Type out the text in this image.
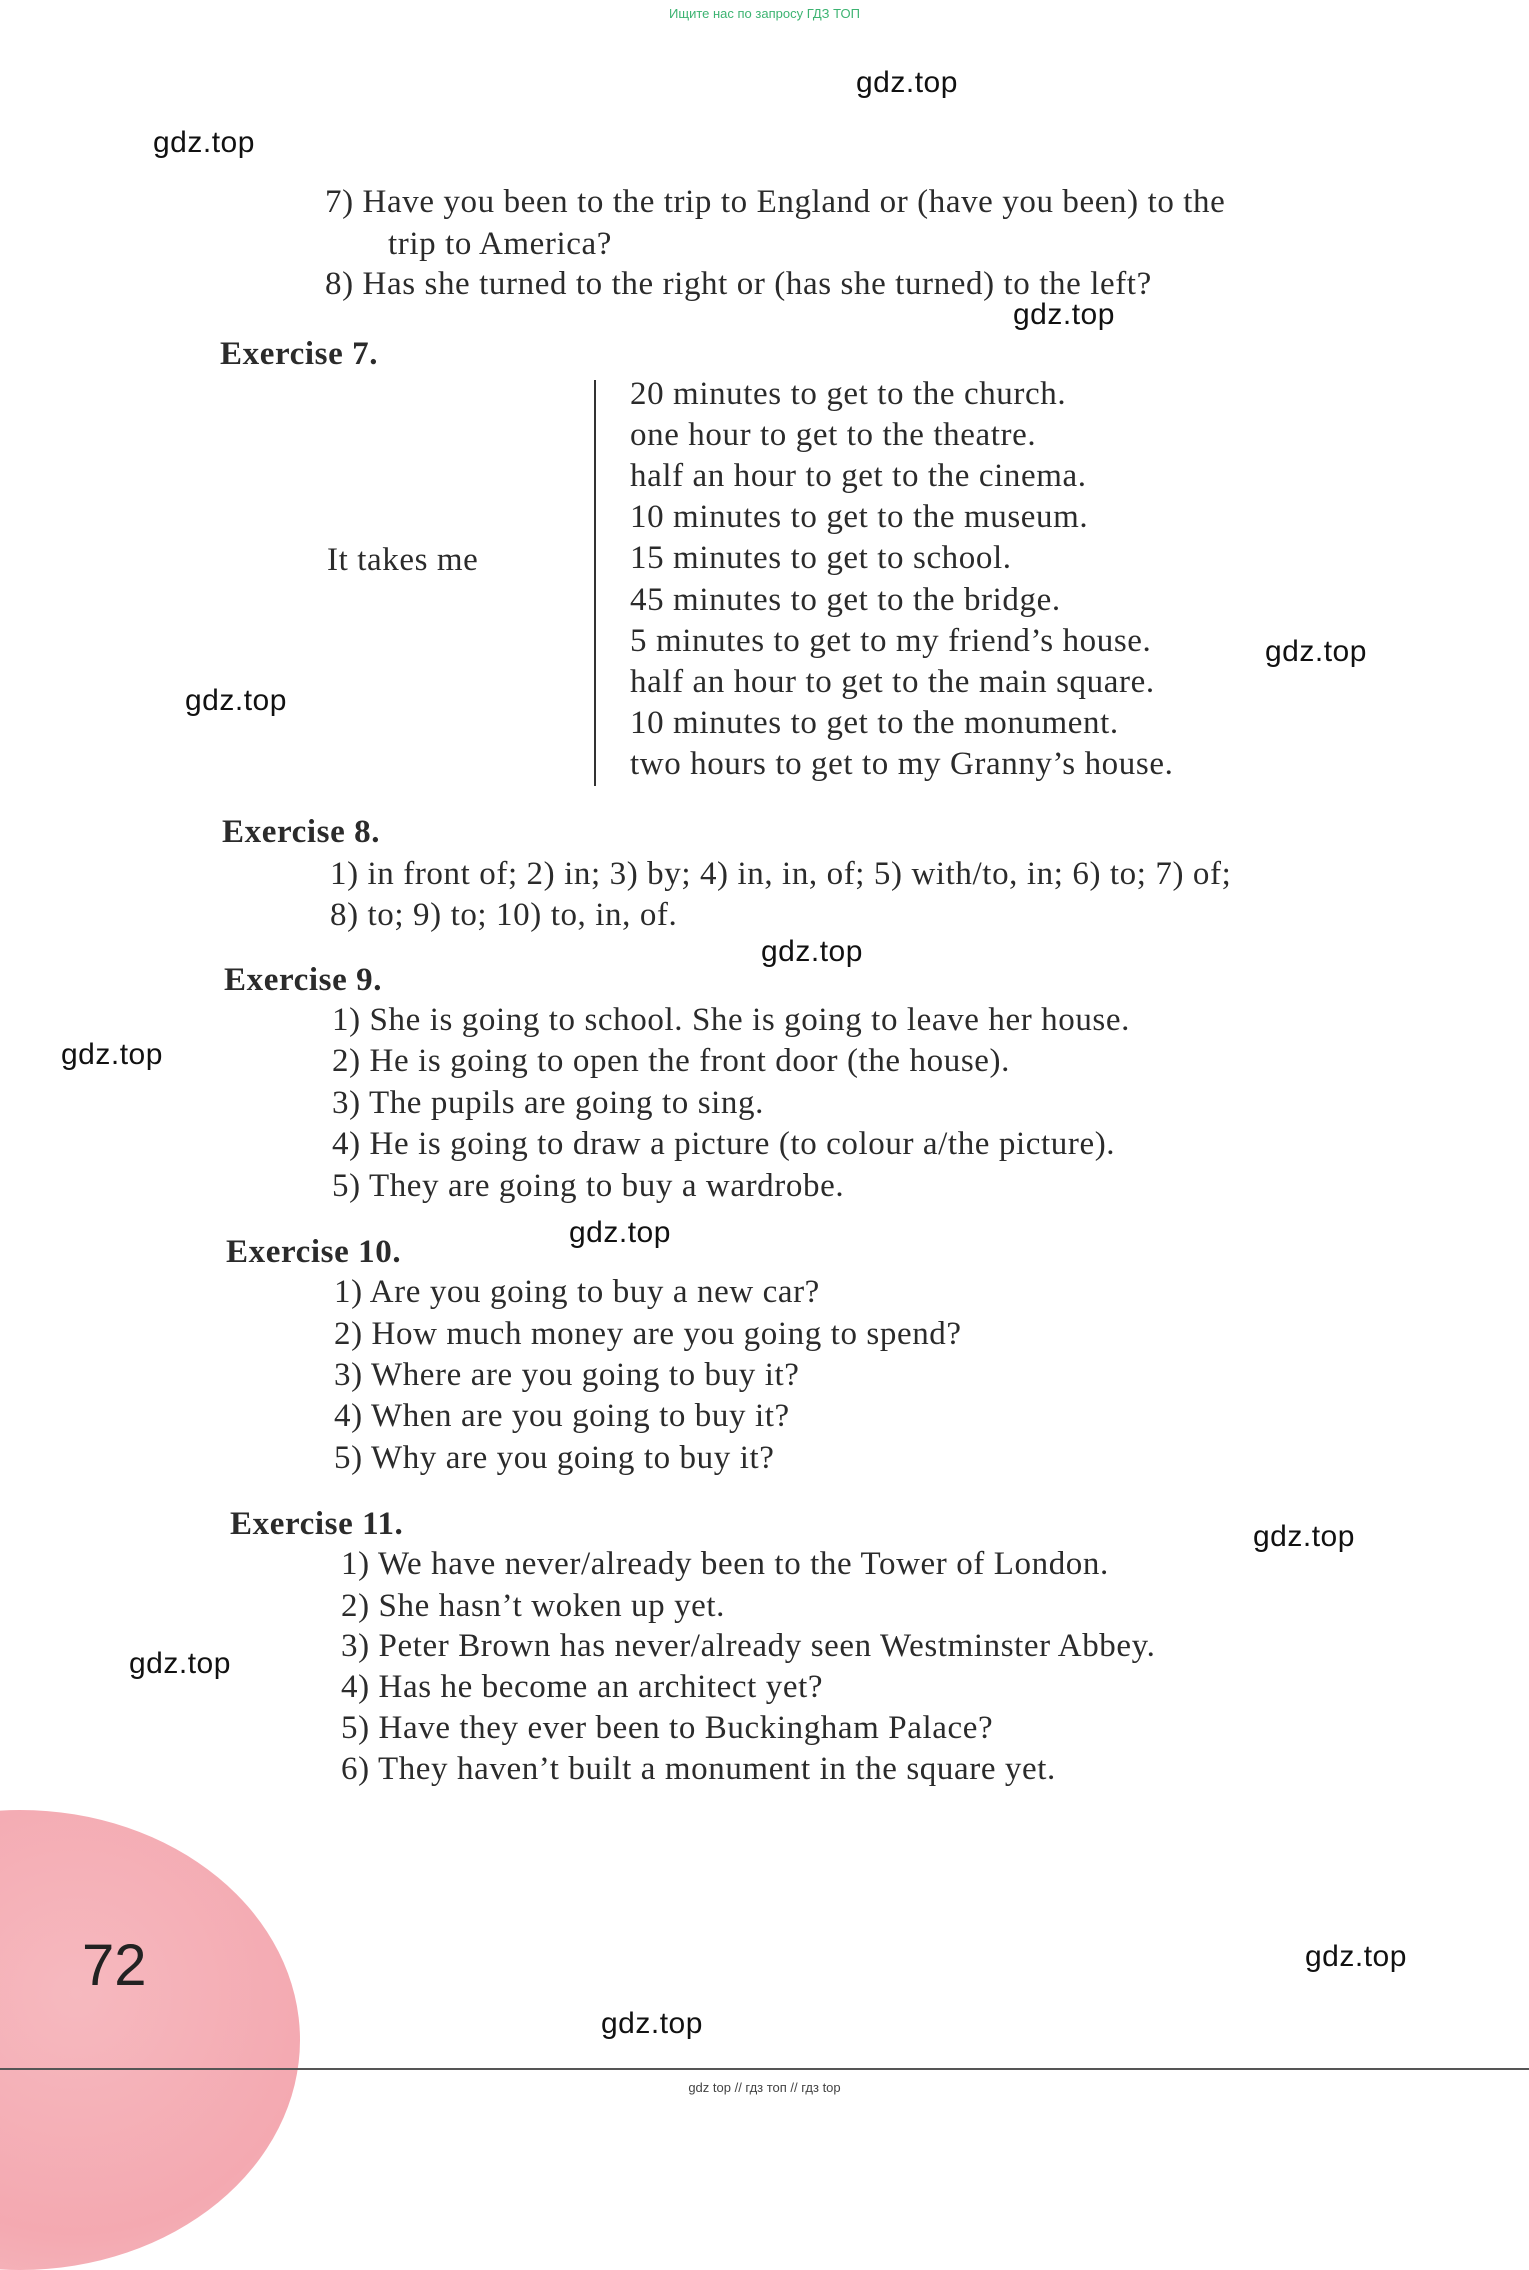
Ищите нас по запросу ГДЗ ТОП
gdz.top
gdz.top
gdz.top
gdz.top
gdz.top
gdz.top
gdz.top
gdz.top
gdz.top
gdz.top
gdz.top
gdz.top
7) Have you been to the trip to England or (have you been) to the
trip to America?
8) Has she turned to the right or (has she turned) to the left?
Exercise 7.
It takes me
20 minutes to get to the church.
one hour to get to the theatre.
half an hour to get to the cinema.
10 minutes to get to the museum.
15 minutes to get to school.
45 minutes to get to the bridge.
5 minutes to get to my friend’s house.
half an hour to get to the main square.
10 minutes to get to the monument.
two hours to get to my Granny’s house.
Exercise 8.
1) in front of; 2) in; 3) by; 4) in, in, of; 5) with/to, in; 6) to; 7) of;
8) to; 9) to; 10) to, in, of.
Exercise 9.
1) She is going to school. She is going to leave her house.
2) He is going to open the front door (the house).
3) The pupils are going to sing.
4) He is going to draw a picture (to colour a/the picture).
5) They are going to buy a wardrobe.
Exercise 10.
1) Are you going to buy a new car?
2) How much money are you going to spend?
3) Where are you going to buy it?
4) When are you going to buy it?
5) Why are you going to buy it?
Exercise 11.
1) We have never/already been to the Tower of London.
2) She hasn’t woken up yet.
3) Peter Brown has never/already seen Westminster Abbey.
4) Has he become an architect yet?
5) Have they ever been to Buckingham Palace?
6) They haven’t built a monument in the square yet.
72
gdz top // гдз топ // гдз top
